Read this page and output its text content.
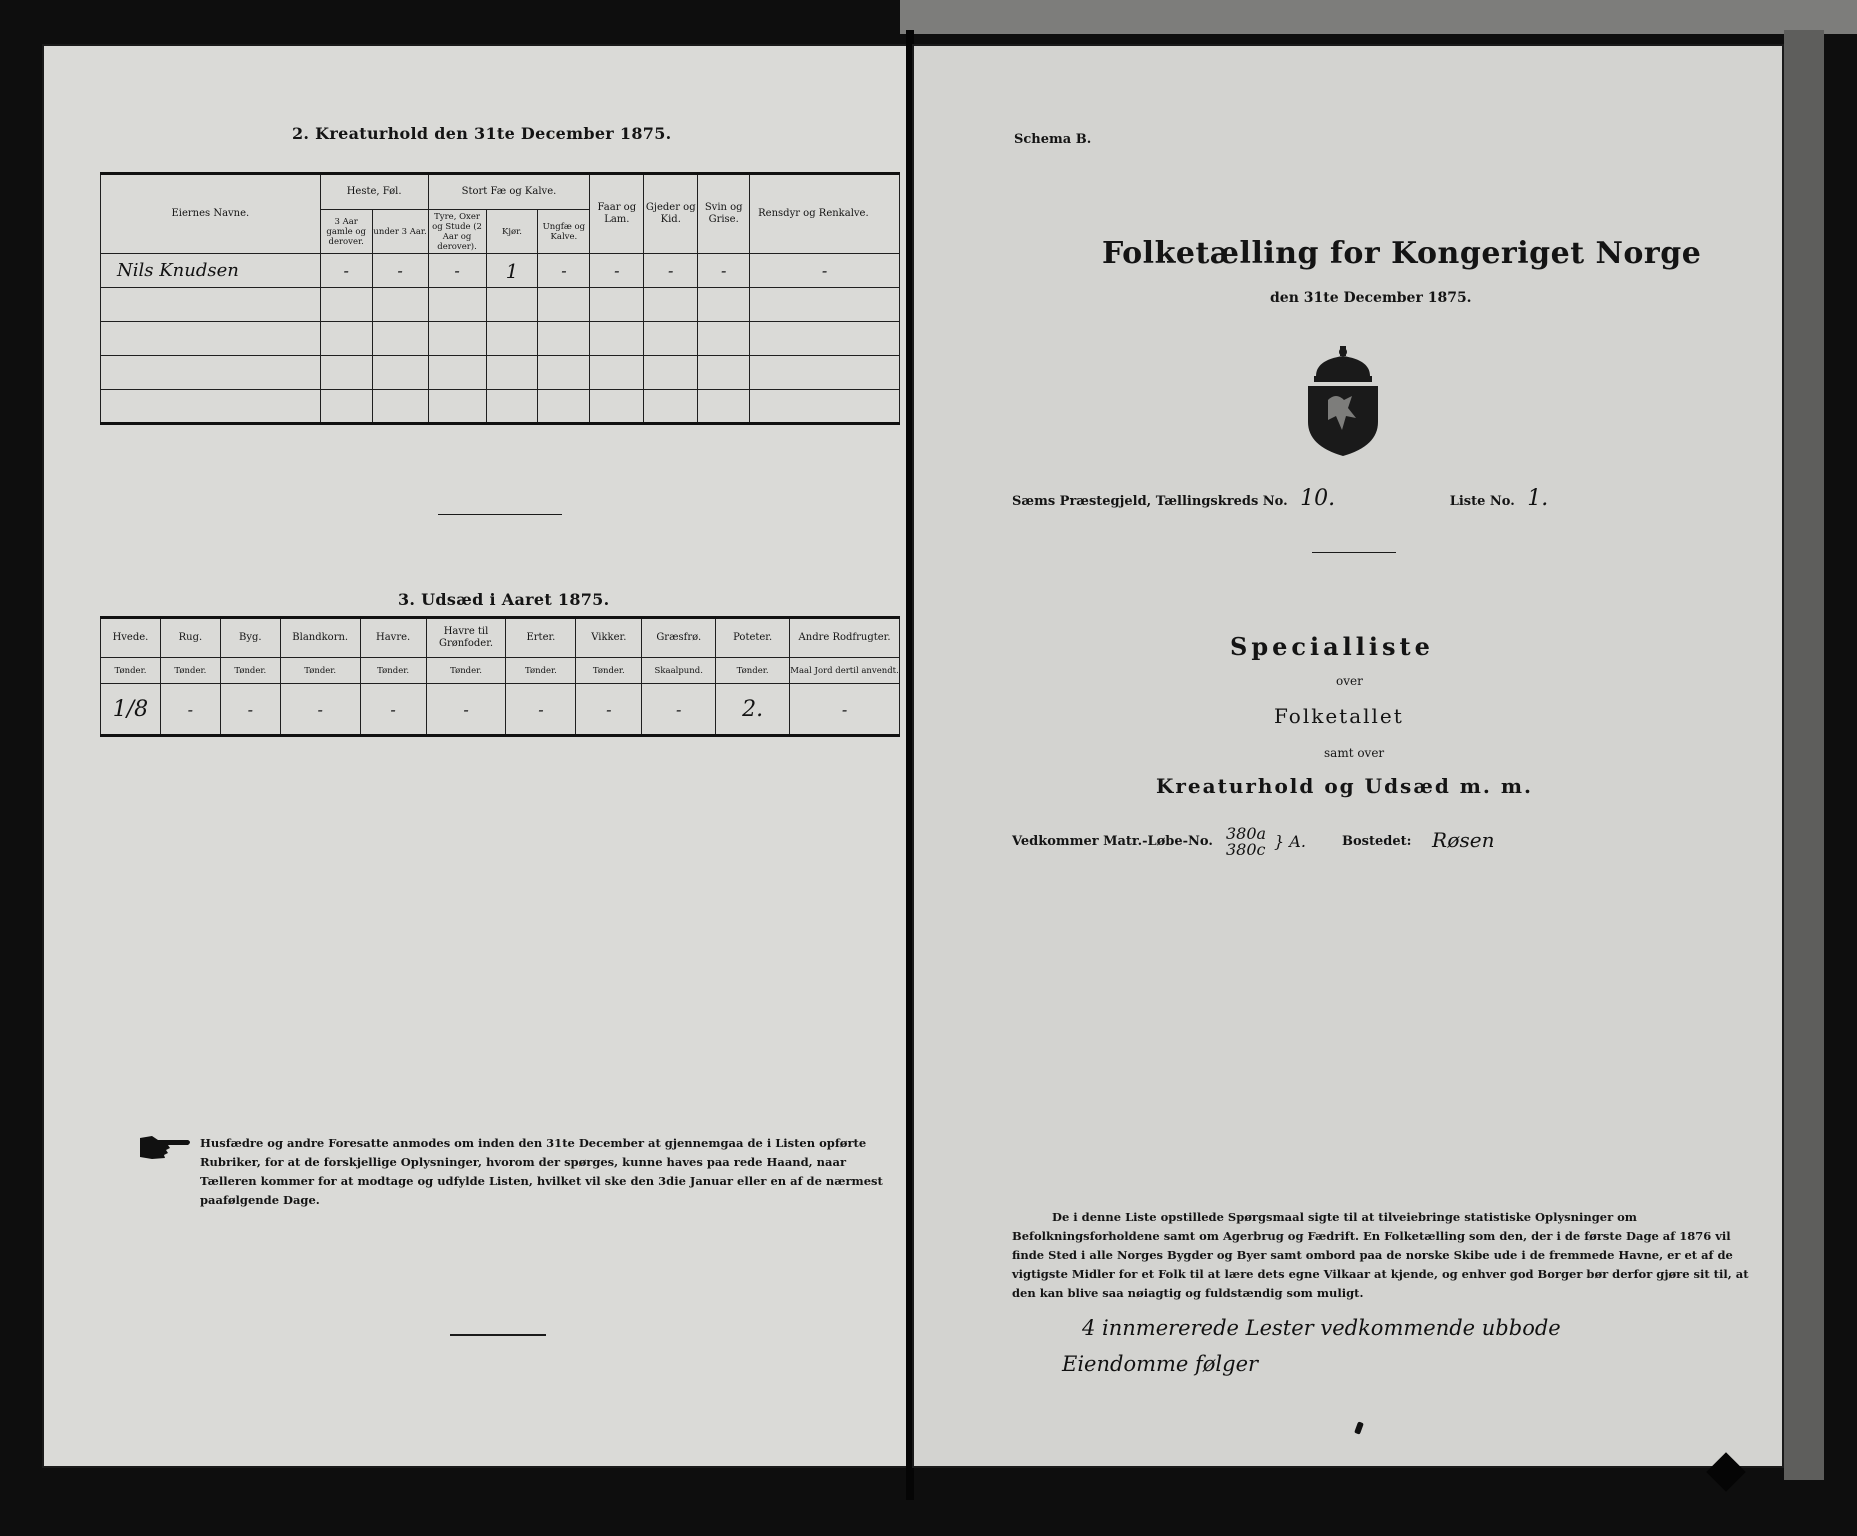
2. Kreaturhold den 31te December 1875.
Eiernes Navne.	Heste, Føl.		Stort Fæ og Kalve.			Faar og Lam.	Gjeder og Kid.	Svin og Grise.	Rensdyr og Renkalve.
	3 Aar gamle og derover.	under 3 Aar.	Tyre, Oxer og Stude (2 Aar og derover).	Kjør.	Ungfæ og Kalve.				
Nils Knudsen	-	-	-	1	-	-	-	-	-

3. Udsæd i Aaret 1875.
Hvede.	Rug.	Byg.	Blandkorn.	Havre.	Havre til Grønfoder.	Erter.	Vikker.	Græsfrø.	Poteter.	Andre Rodfrugter.
Tønder.	Tønder.	Tønder.	Tønder.	Tønder.	Tønder.	Tønder.	Tønder.	Skaalpund.	Tønder.	Maal Jord dertil anvendt.
1/8	-	-	-	-	-	-	-	-	2.	-
Husfædre og andre Foresatte anmodes om inden den 31te December at gjennemgaa de i Listen opførte Rubriker, for at de forskjellige Oplysninger, hvorom der spørges, kunne haves paa rede Haand, naar Tælleren kommer for at modtage og udfylde Listen, hvilket vil ske den 3die Januar eller en af de nærmest paafølgende Dage.
Schema B.
Folketælling for Kongeriget Norge
den 31te December 1875.
Sæms Præstegjeld, Tællingskreds No. 10.	Liste No. 1.
Specialliste
over
Folketallet
samt over
Kreaturhold og Udsæd m. m.
Vedkommer Matr.-Løbe-No. 380a
380c } A.	Bostedet: Røsen
De i denne Liste opstillede Spørgsmaal sigte til at tilveiebringe statistiske Oplysninger om Befolkningsforholdene samt om Agerbrug og Fædrift. En Folketælling som den, der i de første Dage af 1876 vil finde Sted i alle Norges Bygder og Byer samt ombord paa de norske Skibe ude i de fremmede Havne, er et af de vigtigste Midler for et Folk til at lære dets egne Vilkaar at kjende, og enhver god Borger bør derfor gjøre sit til, at den kan blive saa nøiagtig og fuldstændig som muligt.
4 innmererede Lester vedkommende ubbode
Eiendomme følger
